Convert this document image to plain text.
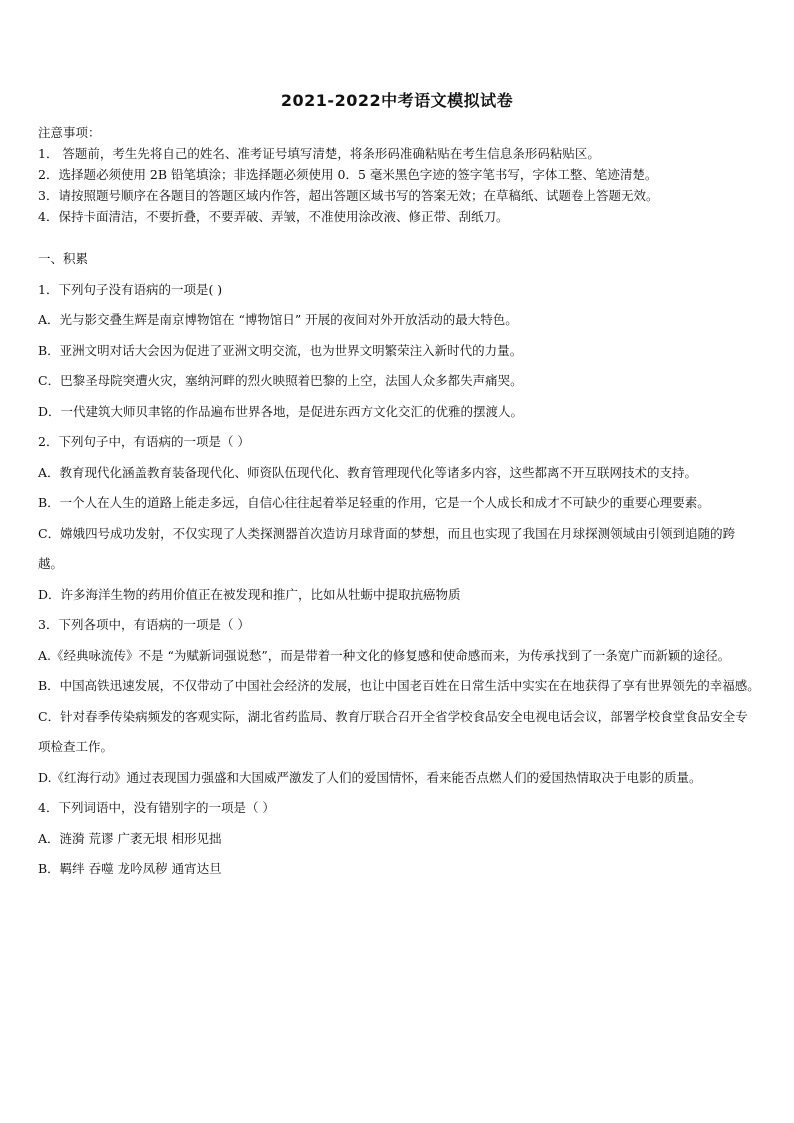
2021-2022中考语文模拟试卷
注意事项：
1． 答题前，考生先将自己的姓名、准考证号填写清楚，将条形码准确粘贴在考生信息条形码粘贴区。
2．选择题必须使用 2B 铅笔填涂；非选择题必须使用 0．5 毫米黑色字迹的签字笔书写，字体工整、笔迹清楚。
3．请按照题号顺序在各题目的答题区域内作答，超出答题区域书写的答案无效；在草稿纸、试题卷上答题无效。
4．保持卡面清洁，不要折叠，不要弄破、弄皱，不准使用涂改液、修正带、刮纸刀。

一、积累

1．下列句子没有语病的一项是( )

A．光与影交叠生辉是南京博物馆在 “博物馆日” 开展的夜间对外开放活动的最大特色。

B．亚洲文明对话大会因为促进了亚洲文明交流，也为世界文明繁荣注入新时代的力量。

C．巴黎圣母院突遭火灾，塞纳河畔的烈火映照着巴黎的上空，法国人众多都失声痛哭。

D．一代建筑大师贝聿铭的作品遍布世界各地，是促进东西方文化交汇的优雅的摆渡人。

2．下列句子中，有语病的一项是（ ）

A．教育现代化涵盖教育装备现代化、师资队伍现代化、教育管理现代化等诸多内容，这些都离不开互联网技术的支持。

B．一个人在人生的道路上能走多远，自信心往往起着举足轻重的作用，它是一个人成长和成才不可缺少的重要心理要素。

C．嫦娥四号成功发射，不仅实现了人类探测器首次造访月球背面的梦想，而且也实现了我国在月球探测领域由引领到追随的跨越。

D．许多海洋生物的药用价值正在被发现和推广，比如从牡蛎中提取抗癌物质

3．下列各项中，有语病的一项是（ ）

A.《经典咏流传》不是 “为赋新词强说愁”，而是带着一种文化的修复感和使命感而来，为传承找到了一条宽广而新颖的途径。

B．中国高铁迅速发展，不仅带动了中国社会经济的发展，也让中国老百姓在日常生活中实实在在地获得了享有世界领先的幸福感。

C．针对春季传染病频发的客观实际，湖北省药监局、教育厅联合召开全省学校食品安全电视电话会议，部署学校食堂食品安全专项检查工作。

D.《红海行动》通过表现国力强盛和大国威严激发了人们的爱国情怀，看来能否点燃人们的爱国热情取决于电影的质量。

4．下列词语中，没有错别字的一项是（ ）

A．涟漪 荒谬 广袤无垠 相形见拙

B．羁绊 吞噬 龙吟凤秽 通宵达旦
